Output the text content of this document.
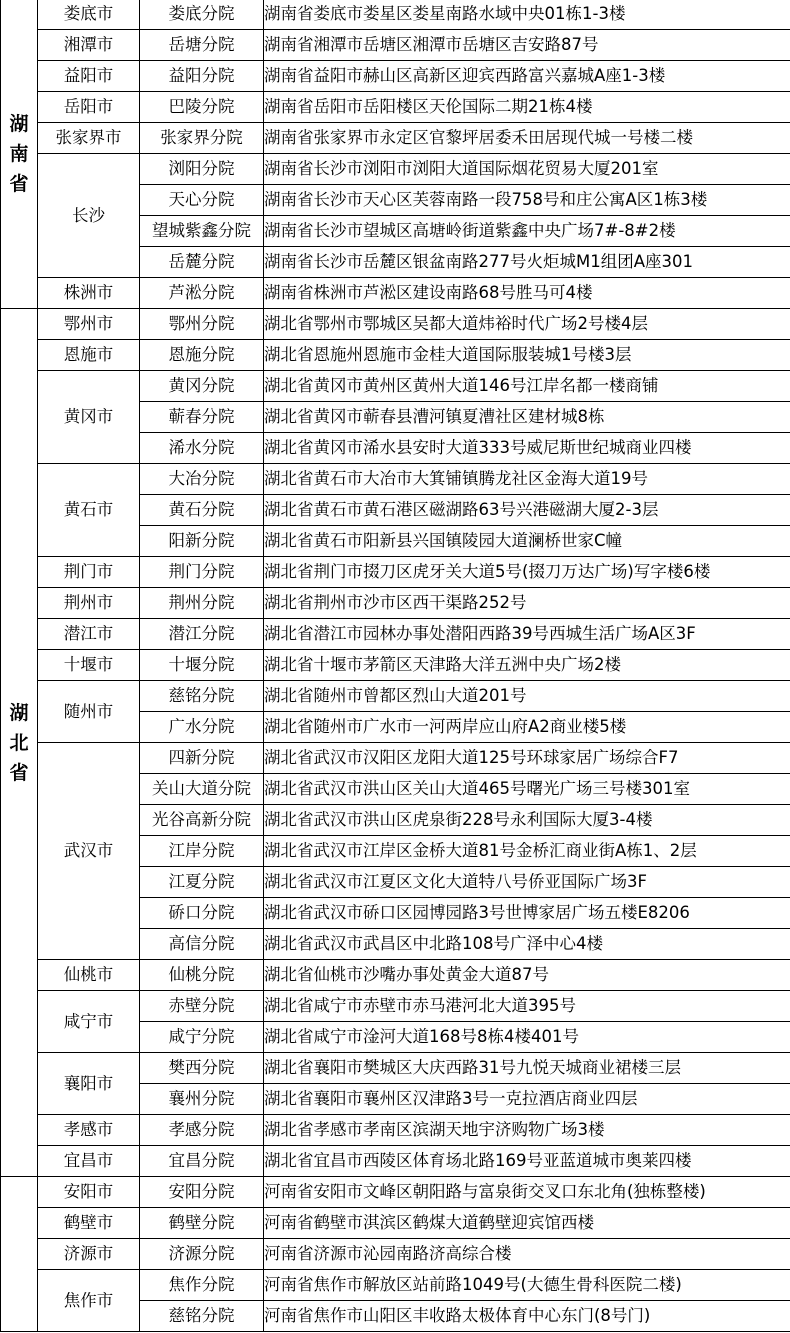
湖
南
省	娄底市	娄底分院	湖南省娄底市娄星区娄星南路水域中央01栋1-3楼
	湘潭市	岳塘分院	湖南省湘潭市岳塘区湘潭市岳塘区吉安路87号
	益阳市	益阳分院	湖南省益阳市赫山区高新区迎宾西路富兴嘉城A座1-3楼
	岳阳市	巴陵分院	湖南省岳阳市岳阳楼区天伦国际二期21栋4楼
	张家界市	张家界分院	湖南省张家界市永定区官黎坪居委禾田居现代城一号楼二楼
	长沙	浏阳分院	湖南省长沙市浏阳市浏阳大道国际烟花贸易大厦201室
		天心分院	湖南省长沙市天心区芙蓉南路一段758号和庄公寓A区1栋3楼
		望城紫鑫分院	湖南省长沙市望城区高塘岭街道紫鑫中央广场7#-8#2楼
		岳麓分院	湖南省长沙市岳麓区银盆南路277号火炬城M1组团A座301
	株洲市	芦淞分院	湖南省株洲市芦淞区建设南路68号胜马可4楼

湖
北
省	鄂州市	鄂州分院	湖北省鄂州市鄂城区吴都大道炜裕时代广场2号楼4层
	恩施市	恩施分院	湖北省恩施州恩施市金桂大道国际服装城1号楼3层
	黄冈市	黄冈分院	湖北省黄冈市黄州区黄州大道146号江岸名都一楼商铺
		蕲春分院	湖北省黄冈市蕲春县漕河镇夏漕社区建材城8栋
		浠水分院	湖北省黄冈市浠水县安时大道333号威尼斯世纪城商业四楼
	黄石市	大冶分院	湖北省黄石市大冶市大箕铺镇腾龙社区金海大道19号
		黄石分院	湖北省黄石市黄石港区磁湖路63号兴港磁湖大厦2-3层
		阳新分院	湖北省黄石市阳新县兴国镇陵园大道澜桥世家C幢
	荆门市	荆门分院	湖北省荆门市掇刀区虎牙关大道5号(掇刀万达广场)写字楼6楼
	荆州市	荆州分院	湖北省荆州市沙市区西干渠路252号
	潜江市	潜江分院	湖北省潜江市园林办事处潜阳西路39号西城生活广场A区3F
	十堰市	十堰分院	湖北省十堰市茅箭区天津路大洋五洲中央广场2楼
	随州市	慈铭分院	湖北省随州市曾都区烈山大道201号
		广水分院	湖北省随州市广水市一河两岸应山府A2商业楼5楼
	武汉市	四新分院	湖北省武汉市汉阳区龙阳大道125号环球家居广场综合F7
		关山大道分院	湖北省武汉市洪山区关山大道465号曙光广场三号楼301室
		光谷高新分院	湖北省武汉市洪山区虎泉街228号永利国际大厦3-4楼
		江岸分院	湖北省武汉市江岸区金桥大道81号金桥汇商业街A栋1、2层
		江夏分院	湖北省武汉市江夏区文化大道特八号侨亚国际广场3F
		硚口分院	湖北省武汉市硚口区园博园路3号世博家居广场五楼E8206
		高信分院	湖北省武汉市武昌区中北路108号广泽中心4楼
	仙桃市	仙桃分院	湖北省仙桃市沙嘴办事处黄金大道87号
	咸宁市	赤壁分院	湖北省咸宁市赤壁市赤马港河北大道395号
		咸宁分院	湖北省咸宁市淦河大道168号8栋4楼401号
	襄阳市	樊西分院	湖北省襄阳市樊城区大庆西路31号九悦天城商业裙楼三层
		襄州分院	湖北省襄阳市襄州区汉津路3号一克拉酒店商业四层
	孝感市	孝感分院	湖北省孝感市孝南区滨湖天地宇济购物广场3楼
	宜昌市	宜昌分院	湖北省宜昌市西陵区体育场北路169号亚蓝道城市奥莱四楼
	安阳市	安阳分院	河南省安阳市文峰区朝阳路与富泉街交叉口东北角(独栋整楼)
	鹤壁市	鹤壁分院	河南省鹤壁市淇滨区鹤煤大道鹤壁迎宾馆西楼
	济源市	济源分院	河南省济源市沁园南路济高综合楼
	焦作市	焦作分院	河南省焦作市解放区站前路1049号(大德生骨科医院二楼)
		慈铭分院	河南省焦作市山阳区丰收路太极体育中心东门(8号门)
